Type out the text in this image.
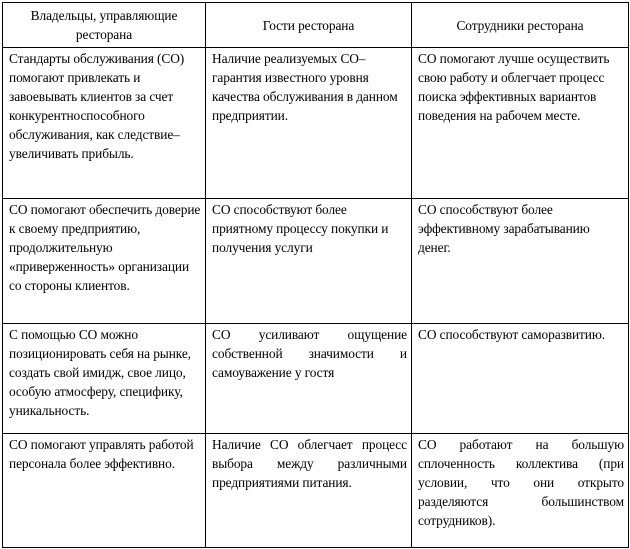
Владельцы, управляющие ресторана	Гости ресторана	Сотрудники ресторана

Стандарты обслуживания (СО) помогают привлекать и завоевывать клиентов за счет конкурентноспособного обслуживания, как следствие–увеличивать прибыль.	Наличие реализуемых СО–гарантия известного уровня качества обслуживания в данном предприятии.	СО помогают лучше осуществить свою работу и облегчает процесс поиска эффективных вариантов поведения на рабочем месте.

СО помогают обеспечить доверие к своему предприятию, продолжительную «приверженность» организации со стороны клиентов.	СО способствуют более приятному процессу покупки и получения услуги	СО способствуют более эффективному зарабатыванию денег.

С помощью СО можно позиционировать себя на рынке, создать свой имидж, свое лицо, особую атмосферу, специфику, уникальность.	СО усиливают ощущение собственной значимости и самоуважение у гостя	СО способствуют саморазвитию.

СО помогают управлять работой персонала более эффективно.	Наличие СО облегчает процесс выбора между различными предприятиями питания.	СО работают на большую сплоченность коллектива (при условии, что они открыто разделяются большинством сотрудников).
